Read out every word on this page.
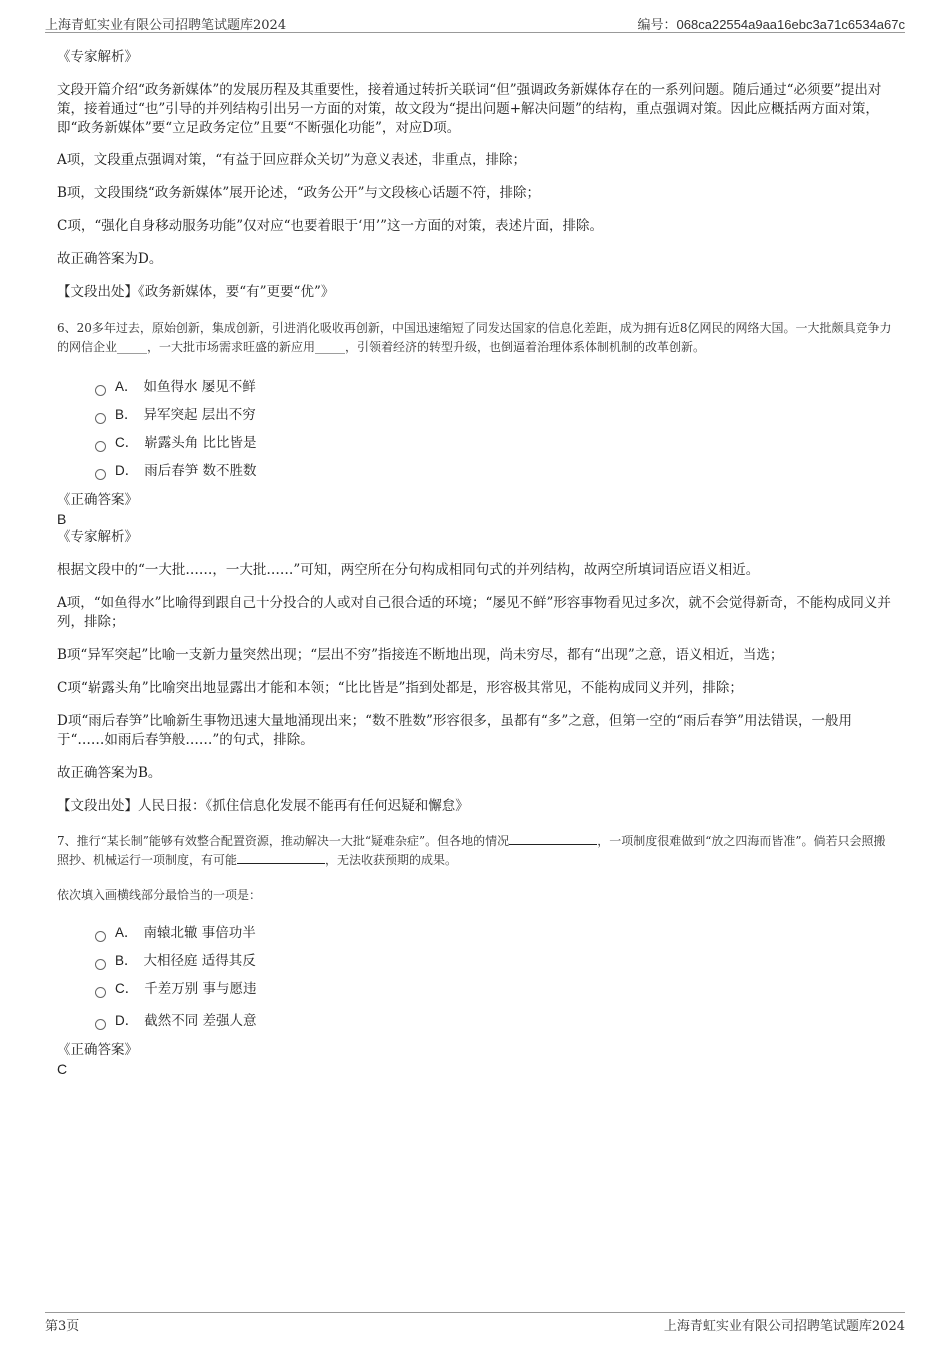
上海青虹实业有限公司招聘笔试题库2024	编号：068ca22554a9aa16ebc3a71c6534a67c

《专家解析》

文段开篇介绍“政务新媒体”的发展历程及其重要性，接着通过转折关联词“但”强调政务新媒体存在的一系列问题。随后通过“必须要”提出对策，接着通过“也”引导的并列结构引出另一方面的对策，故文段为“提出问题+解决问题”的结构，重点强调对策。因此应概括两方面对策，即“政务新媒体”要“立足政务定位”且要“不断强化功能”，对应D项。

A项，文段重点强调对策，“有益于回应群众关切”为意义表述，非重点，排除；

B项，文段围绕“政务新媒体”展开论述，“政务公开”与文段核心话题不符，排除；

C项，“强化自身移动服务功能”仅对应“也要着眼于‘用’”这一方面的对策，表述片面，排除。

故正确答案为D。

【文段出处】《政务新媒体，要“有”更要“优”》

6、20多年过去，原始创新，集成创新，引进消化吸收再创新，中国迅速缩短了同发达国家的信息化差距，成为拥有近8亿网民的网络大国。一大批颇具竞争力的网信企业_____，一大批市场需求旺盛的新应用_____，引领着经济的转型升级，也倒逼着治理体系体制机制的改革创新。

A． 如鱼得水 屡见不鲜
B． 异军突起 层出不穷
C． 崭露头角 比比皆是
D． 雨后春笋 数不胜数

《正确答案》

B

《专家解析》

根据文段中的“一大批……，一大批……”可知，两空所在分句构成相同句式的并列结构，故两空所填词语应语义相近。

A项，“如鱼得水”比喻得到跟自己十分投合的人或对自己很合适的环境；“屡见不鲜”形容事物看见过多次，就不会觉得新奇，不能构成同义并列，排除；

B项“异军突起”比喻一支新力量突然出现；“层出不穷”指接连不断地出现，尚未穷尽，都有“出现”之意，语义相近，当选；

C项“崭露头角”比喻突出地显露出才能和本领；“比比皆是”指到处都是，形容极其常见，不能构成同义并列，排除；

D项“雨后春笋”比喻新生事物迅速大量地涌现出来；“数不胜数”形容很多，虽都有“多”之意，但第一空的“雨后春笋”用法错误，一般用于“……如雨后春笋般……”的句式，排除。

故正确答案为B。

【文段出处】人民日报：《抓住信息化发展不能再有任何迟疑和懈怠》

7、推行“某长制”能够有效整合配置资源，推动解决一大批“疑难杂症”。但各地的情况	，一项制度很难做到“放之四海而皆准”。倘若只会照搬照抄、机械运行一项制度，有可能	，无法收获预期的成果。

依次填入画横线部分最恰当的一项是：

A． 南辕北辙 事倍功半
B． 大相径庭 适得其反
C． 千差万别 事与愿违
D． 截然不同 差强人意

《正确答案》

C

第3页	上海青虹实业有限公司招聘笔试题库2024
